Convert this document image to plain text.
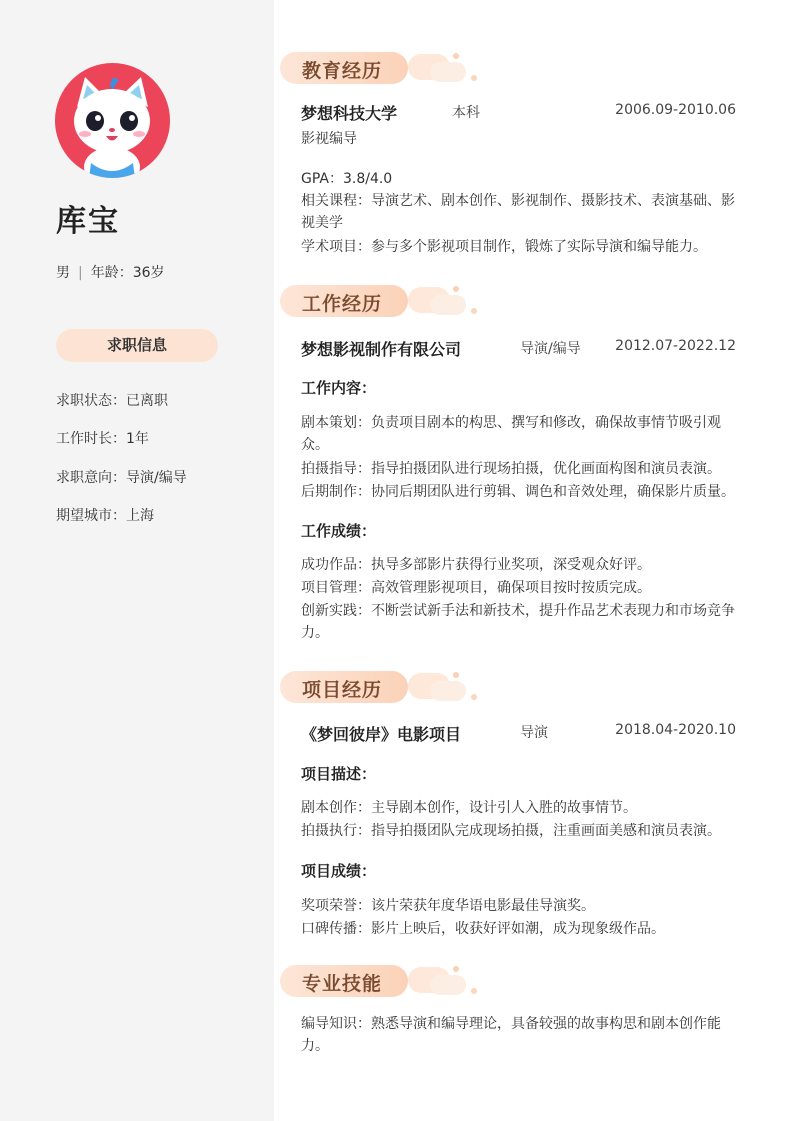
库宝
男 | 年龄：36岁
求职信息
求职状态：已离职
工作时长：1年
求职意向：导演/编导
期望城市：上海
教育经历
梦想科技大学	本科	2006.09-2010.06
影视编导
GPA：3.8/4.0
相关课程：导演艺术、剧本创作、影视制作、摄影技术、表演基础、影视美学
学术项目：参与多个影视项目制作，锻炼了实际导演和编导能力。
工作经历
梦想影视制作有限公司	导演/编导 2012.07-2022.12
工作内容：
剧本策划：负责项目剧本的构思、撰写和修改，确保故事情节吸引观众。
拍摄指导：指导拍摄团队进行现场拍摄，优化画面构图和演员表演。
后期制作：协同后期团队进行剪辑、调色和音效处理，确保影片质量。
工作成绩：
成功作品：执导多部影片获得行业奖项，深受观众好评。
项目管理：高效管理影视项目，确保项目按时按质完成。
创新实践：不断尝试新手法和新技术，提升作品艺术表现力和市场竞争力。
项目经历
《梦回彼岸》电影项目	导演	2018.04-2020.10
项目描述：
剧本创作：主导剧本创作，设计引人入胜的故事情节。
拍摄执行：指导拍摄团队完成现场拍摄，注重画面美感和演员表演。
项目成绩：
奖项荣誉：该片荣获年度华语电影最佳导演奖。
口碑传播：影片上映后，收获好评如潮，成为现象级作品。
专业技能
编导知识：熟悉导演和编导理论，具备较强的故事构思和剧本创作能力。
